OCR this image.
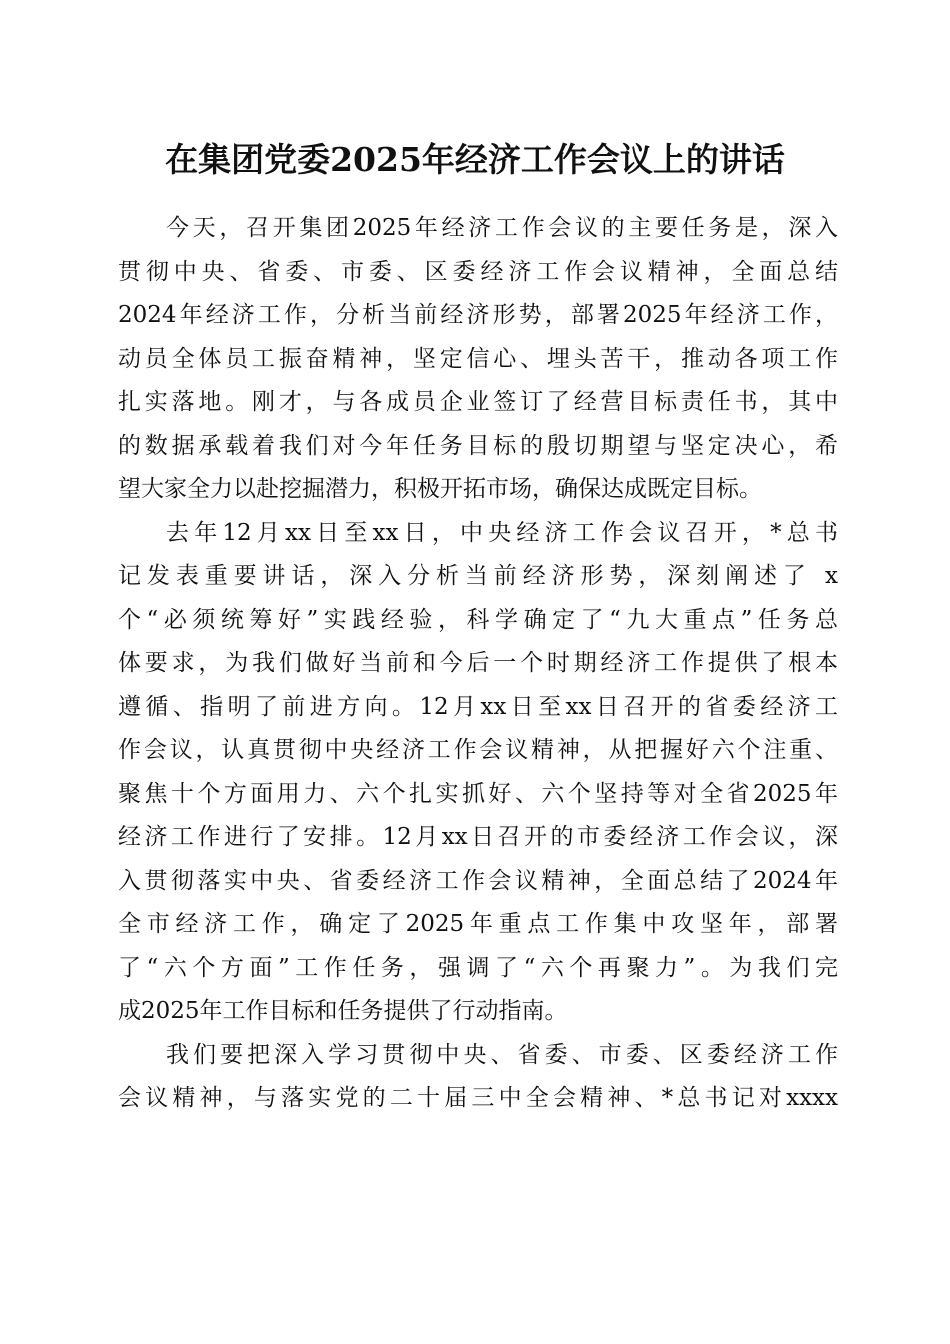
在集团党委2025年经济工作会议上的讲话
今天，召开集团2025年经济工作会议的主要任务是，深入
贯彻中央、省委、市委、区委经济工作会议精神，全面总结
2024年经济工作，分析当前经济形势，部署2025年经济工作，
动员全体员工振奋精神，坚定信心、埋头苦干，推动各项工作
扎实落地。刚才，与各成员企业签订了经营目标责任书，其中
的数据承载着我们对今年任务目标的殷切期望与坚定决心，希
望大家全力以赴挖掘潜力，积极开拓市场，确保达成既定目标。
去年12月xx日至xx日，中央经济工作会议召开，*总书
记发表重要讲话，深入分析当前经济形势，深刻阐述了 x
个“必须统筹好”实践经验，科学确定了“九大重点”任务总
体要求，为我们做好当前和今后一个时期经济工作提供了根本
遵循、指明了前进方向。12月xx日至xx日召开的省委经济工
作会议，认真贯彻中央经济工作会议精神，从把握好六个注重、
聚焦十个方面用力、六个扎实抓好、六个坚持等对全省2025年
经济工作进行了安排。12月xx日召开的市委经济工作会议，深
入贯彻落实中央、省委经济工作会议精神，全面总结了2024年
全市经济工作，确定了2025年重点工作集中攻坚年，部署
了“六个方面”工作任务，强调了“六个再聚力”。为我们完
成2025年工作目标和任务提供了行动指南。
我们要把深入学习贯彻中央、省委、市委、区委经济工作
会议精神，与落实党的二十届三中全会精神、*总书记对xxxx
